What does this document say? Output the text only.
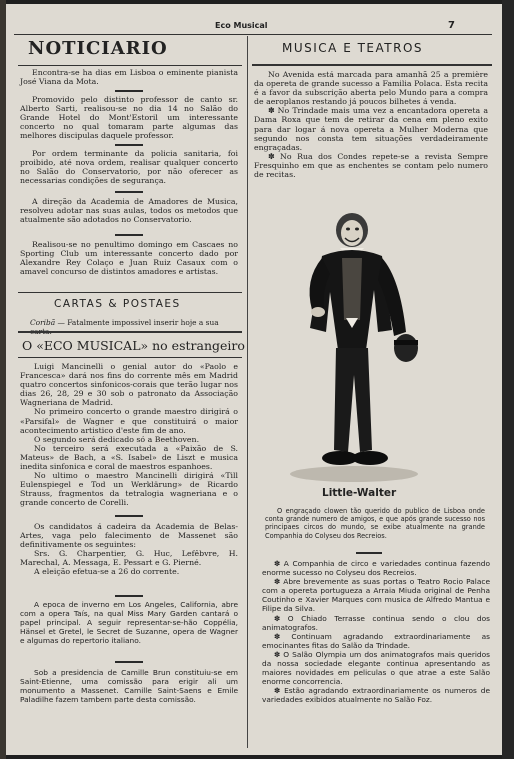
Eco Musical	7
NOTICIARIO

Encontra-se ha dias em Lisboa o eminente pianista José Viana da Mota.

Promovido pelo distinto professor de canto sr. Alberto Sarti, realisou-se no dia 14 no Salão do Grande Hotel do Mont'Estoril um interessante concerto no qual tomaram parte algumas das melhores discipulas daquele professor.

Por ordem terminante da policia sanitaria, foi proibido, até nova ordem, realisar qualquer concerto no Salão do Conservatorio, por não oferecer as necessarias condições de segurança.

A direção da Academia de Amadores de Musica, resolveu adotar nas suas aulas, todos os metodos que atualmente são adotados no Conservatorio.

Realisou-se no penultimo domingo em Cascaes no Sporting Club um interessante concerto dado por Alexandre Rey Colaço e Juan Ruiz Casaux com o amavel concurso de distintos amadores e artistas.

CARTAS & POSTAES
Coribã — Fatalmente impossivel inserir hoje a sua
O «ECO MUSICAL» no estrangeiro

Luigi Mancinelli o genial autor do «Paolo e Francesca» dará nos fins do corrente mês em Madrid quatro concertos sinfonicos-corais que terão lugar nos dias 26, 28, 29 e 30 sob o patronato da Associação Wagneriana de Madrid.

No primeiro concerto o grande maestro dirigirá o «Parsifal» de Wagner e que constituirá o maior acontecimento artistico d'este fim de ano.

O segundo será dedicado só a Beethoven.

No terceiro será executada a «Paixão de S. Mateus» de Bach, a «S. Isabel» de Liszt e musica inedita sinfonica e coral de maestros espanhoes.

No ultimo o maestro Mancinelli dirigirá «Till Eulenspiegel e Tod un Werklärung» de Ricardo Strauss, fragmentos da tetralogia wagneriana e o grande concerto de Corelli.

Os candidatos á cadeira da Academia de Belas-Artes, vaga pelo falecimento de Massenet são definitivamente os seguintes:

Srs. G. Charpentier, G. Huc, Lefêbvre, H. Marechal, A. Messaga, E. Pessart e G. Pierné.

A eleição efetua-se a 26 do corrente.

A epoca de inverno em Los Angeles, California, abre com a opera Taís, na qual Miss Mary Garden cantará o papel principal. A seguir representar-se-hão Coppélia, Hänsel et Gretel, le Secret de Suzanne, opera de Wagner e algumas do repertorio italiano.

Sob a presidencia de Camille Brun constituiu-se em Saint-Etienne, uma comissão para erigir ali um monumento a Massenet. Camille Saint-Saens e Emile Paladilhe fazem tambem parte desta comissão.

MUSICA E TEATROS

No Avenida está marcada para amanhã 25 a première da opereta de grande sucesso a Familia Polaca. Esta recita é a favor da subscrição aberta pelo Mundo para a compra de aeroplanos restando já poucos bilhetes á venda.

✽ No Trindade mais uma vez a encantadora opereta a Dama Roxa que tem de retirar da cena em pleno exito para dar logar á nova opereta a Mulher Moderna que segundo nos consta tem situações verdadeiramente engraçadas.

✽ No Rua dos Condes repete-se a revista Sempre Fresquinho em que as enchentes se contam pelo numero de recitas.

Little-Walter

O engraçado clowen tão querido do publico de Lisboa onde conta grande numero de amigos, e que após grande sucesso nos principaes circos do mundo, se exibe atualmente na grande Companhia do Colyseu dos Recreios.

✽ A Companhia de circo e variedades continua fazendo enorme sucesso no Colyseu dos Recreios.

✽ Abre brevemente as suas portas o Teatro Rocio Palace com a opereta portugueza a Arraia Miuda original de Penha Coutinho e Xavier Marques com musica de Alfredo Mantua e Filipe da Silva.

✽ O Chiado Terrasse continua sendo o clou dos animatografos.

✽ Continuam agradando extraordinariamente as emocinantes fitas do Salão da Trindade.

✽ O Salão Olympia um dos animatografos mais queridos da nossa sociedade elegante continua apresentando as maiores novidades em peliculas o que atrae a este Salão enorme concorrencia.

✽ Estão agradando extraordinariamente os numeros de variedades exibidos atualmente no Salão Foz.
